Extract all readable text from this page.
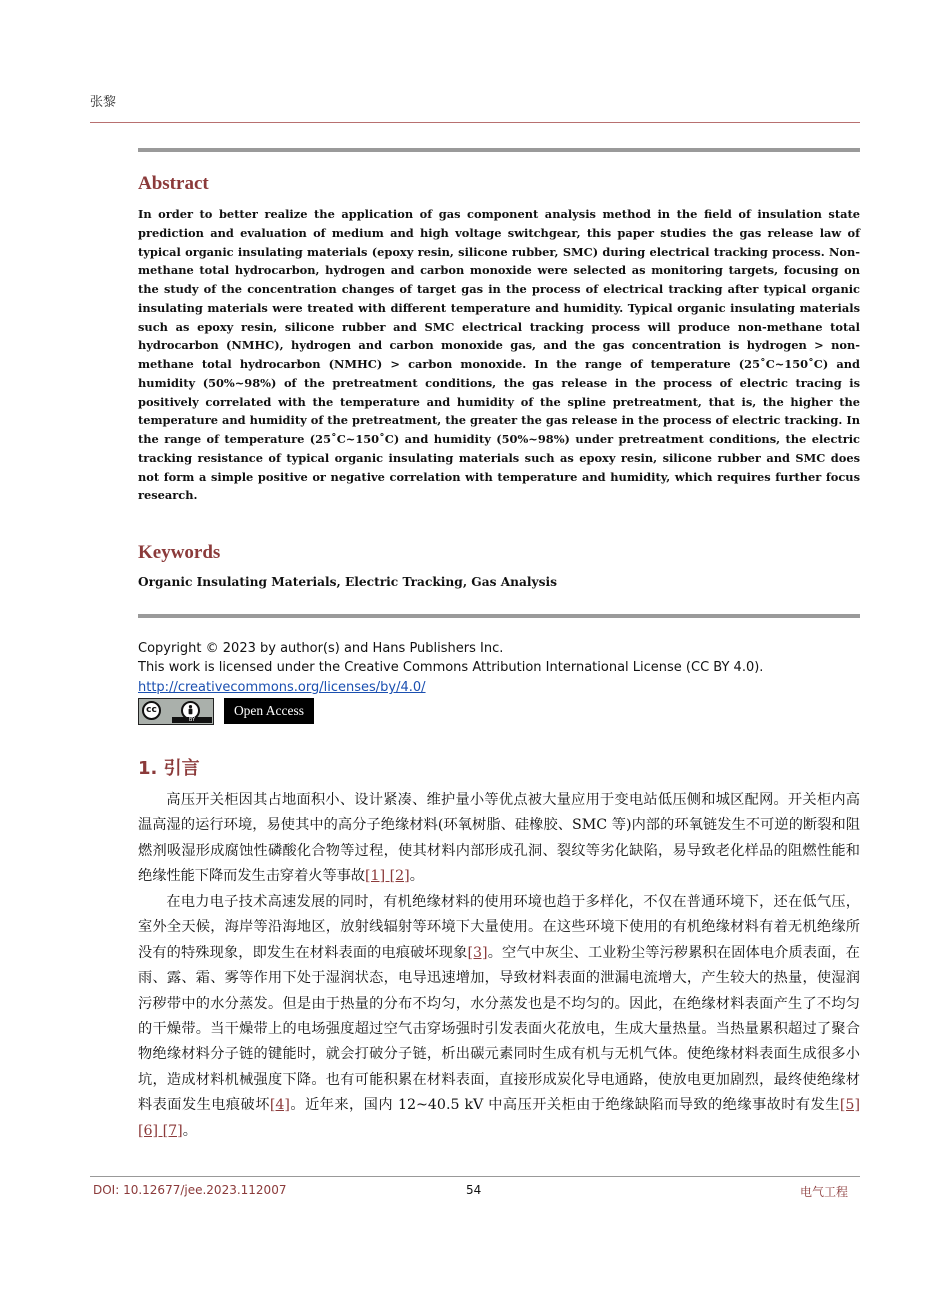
张黎
Abstract

In order to better realize the application of gas component analysis method in the field of insulation state prediction and evaluation of medium and high voltage switchgear, this paper studies the gas release law of typical organic insulating materials (epoxy resin, silicone rubber, SMC) during electrical tracking process. Non-methane total hydrocarbon, hydrogen and carbon monoxide were selected as monitoring targets, focusing on the study of the concentration changes of target gas in the process of electrical tracking after typical organic insulating materials were treated with different temperature and humidity. Typical organic insulating materials such as epoxy resin, silicone rubber and SMC electrical tracking process will produce non-methane total hydrocarbon (NMHC), hydrogen and carbon monoxide gas, and the gas concentration is hydrogen > non-methane total hydrocarbon (NMHC) > carbon monoxide. In the range of temperature (25˚C~150˚C) and humidity (50%~98%) of the pretreatment conditions, the gas release in the process of electric tracing is positively correlated with the temperature and humidity of the spline pretreatment, that is, the higher the temperature and humidity of the pretreatment, the greater the gas release in the process of electric tracking. In the range of temperature (25˚C~150˚C) and humidity (50%~98%) under pretreatment conditions, the electric tracking resistance of typical organic insulating materials such as epoxy resin, silicone rubber and SMC does not form a simple positive or negative correlation with temperature and humidity, which requires further focus research.

Keywords

Organic Insulating Materials, Electric Tracking, Gas Analysis

Copyright © 2023 by author(s) and Hans Publishers Inc.

This work is licensed under the Creative Commons Attribution International License (CC BY 4.0).

http://creativecommons.org/licenses/by/4.0/
cc
BY
Open Access
1. 引言

高压开关柜因其占地面积小、设计紧凑、维护量小等优点被大量应用于变电站低压侧和城区配网。开关柜内高温高湿的运行环境，易使其中的高分子绝缘材料(环氧树脂、硅橡胶、SMC 等)内部的环氧链发生不可逆的断裂和阻燃剂吸湿形成腐蚀性磷酸化合物等过程，使其材料内部形成孔洞、裂纹等劣化缺陷，易导致老化样品的阻燃性能和绝缘性能下降而发生击穿着火等事故[1] [2]。

在电力电子技术高速发展的同时，有机绝缘材料的使用环境也趋于多样化，不仅在普通环境下，还在低气压，室外全天候，海岸等沿海地区，放射线辐射等环境下大量使用。在这些环境下使用的有机绝缘材料有着无机绝缘所没有的特殊现象，即发生在材料表面的电痕破坏现象[3]。空气中灰尘、工业粉尘等污秽累积在固体电介质表面，在雨、露、霜、雾等作用下处于湿润状态，电导迅速增加，导致材料表面的泄漏电流增大，产生较大的热量，使湿润污秽带中的水分蒸发。但是由于热量的分布不均匀，水分蒸发也是不均匀的。因此，在绝缘材料表面产生了不均匀的干燥带。当干燥带上的电场强度超过空气击穿场强时引发表面火花放电，生成大量热量。当热量累积超过了聚合物绝缘材料分子链的键能时，就会打破分子链，析出碳元素同时生成有机与无机气体。使绝缘材料表面生成很多小坑，造成材料机械强度下降。也有可能积累在材料表面，直接形成炭化导电通路，使放电更加剧烈，最终使绝缘材料表面发生电痕破坏[4]。近年来，国内 12~40.5 kV 中高压开关柜由于绝缘缺陷而导致的绝缘事故时有发生[5] [6] [7]。

DOI: 10.12677/jee.2023.112007	54	电气工程
